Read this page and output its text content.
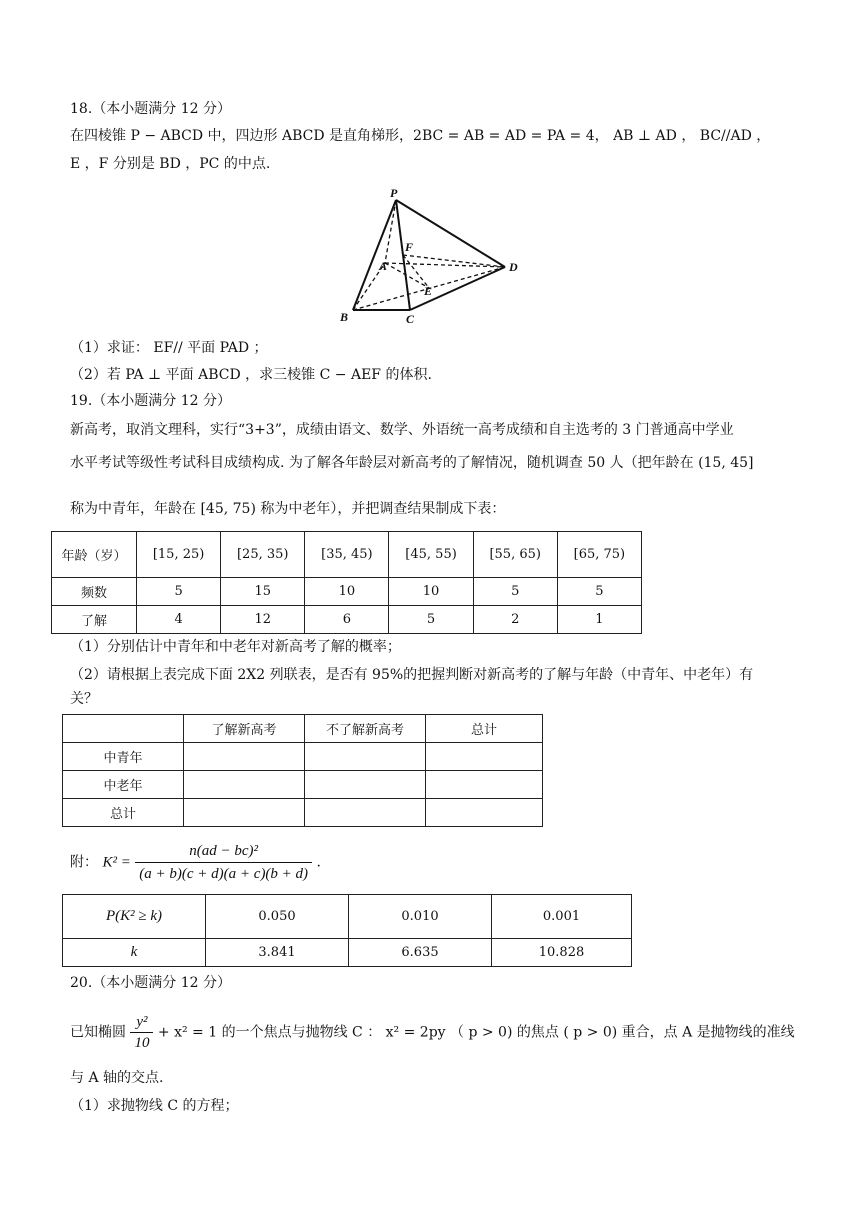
18.（本小题满分 12 分）
在四棱锥 P − ABCD 中，四边形 ABCD 是直角梯形，2BC = AB = AD = PA = 4， AB ⊥ AD ， BC//AD ，
E ，F 分别是 BD ，PC 的中点.
P
A
B	C
D
E
F
（1）求证： EF// 平面 PAD ；
（2）若 PA ⊥ 平面 ABCD ，求三棱锥 C − AEF 的体积.
19.（本小题满分 12 分）
新高考，取消文理科，实行“3+3”，成绩由语文、数学、外语统一高考成绩和自主选考的 3 门普通高中学业
水平考试等级性考试科目成绩构成. 为了解各年龄层对新高考的了解情况，随机调查 50 人（把年龄在 (15, 45]
称为中青年，年龄在 [45, 75) 称为中老年），并把调查结果制成下表：
年龄（岁）	[15, 25)	[25, 35)	[35, 45)	[45, 55)	[55, 65)	[65, 75)
频数	5	15	10	10	5	5
了解	4	12	6	5	2	1
（1）分别估计中青年和中老年对新高考了解的概率；
（2）请根据上表完成下面 2X2 列联表，是否有 95%的把握判断对新高考的了解与年龄（中青年、中老年）有
关？
	了解新高考	不了解新高考	总计
中青年			
中老年			
总计			
附： $K^2 = \frac{\text{n(ad − bc)²}}{(a + b)(c + d)(a + c)(b + d)}$ .
P(K² ≥ k)	0.050	0.010	0.001
k	3.841	6.635	10.828
20.（本小题满分 12 分）
已知椭圆 $\frac{\text{y²}}{10} + x^2 = 1$ 的一个焦点与抛物线 C ： x² = 2py （ p > 0) 的焦点 ( p > 0) 重合，点 A 是抛物线的准线
与 A 轴的交点.
（1）求抛物线 C 的方程；
